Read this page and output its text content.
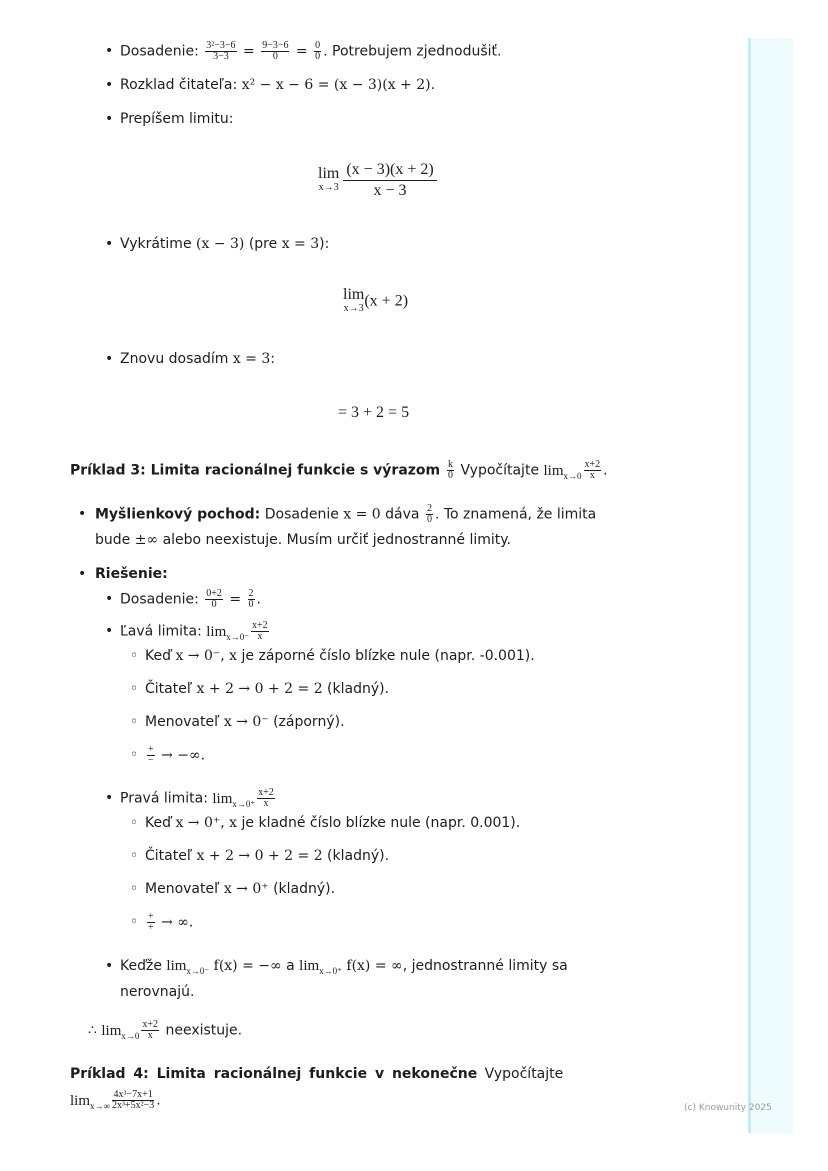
(c) Knowunity 2025
• Dosadenie: $\frac{\text{3²−3−6}}{3-3} = \frac{9-3-6}{0} = \frac{0}{0}$ . Potrebujem zjednodušiť.
• Rozklad čitateľa: x² − x − 6 = (x − 3)(x + 2).
• Prepíšem limitu:
• Vykrátime (x − 3) (pre x = 3):
• Znovu dosadím x = 3:
Príklad 3: Limita racionálnej funkcie s výrazom $\frac{k}{0}$ Vypočítajte $\lim_{x\to 0} \frac{x+2}{x}$ .
• Myšlienkový pochod: Dosadenie x = 0 dáva $\frac{2}{0}$ . To znamená, že limita
bude ±∞ alebo neexistuje. Musím určiť jednostranné limity.
• Riešenie:
• Dosadenie: $\frac{0+2}{0} = \frac{2}{0}$ .
• Ľavá limita: $\lim_{x\to 0^-} \frac{x+2}{x}$
◦ Keď x → 0⁻, x je záporné číslo blízke nule (napr. -0.001).
◦ Čitateľ x + 2 → 0 + 2 = 2 (kladný).
◦ Menovateľ x → 0⁻ (záporný).
◦ $\frac{+}{-}$ → −∞.
• Pravá limita: $\lim_{x\to 0^+} \frac{x+2}{x}$
◦ Keď x → 0⁺, x je kladné číslo blízke nule (napr. 0.001).
◦ Čitateľ x + 2 → 0 + 2 = 2 (kladný).
◦ Menovateľ x → 0⁺ (kladný).
◦ $\frac{+}{+}$ → ∞.
• Keďže $\lim_{x\to 0^-} f(x)$ = −∞ a $\lim_{x\to 0^+} f(x)$ = ∞, jednostranné limity sa
nerovnajú.
∴ $\lim_{x\to 0} \frac{x+2}{x}$ neexistuje.
Príklad 4: Limita racionálnej funkcie v nekonečne Vypočítajte
$\lim_{x\to\infty} \frac{\text{4x³−7x+1}}{\text{2x³+5x²−3}}$ .
lim
$x\to 3 \frac{(x - 3)(x + 2)}{x - 3}$
lim
x→3 (x + 2)
= 3 + 2 = 5
